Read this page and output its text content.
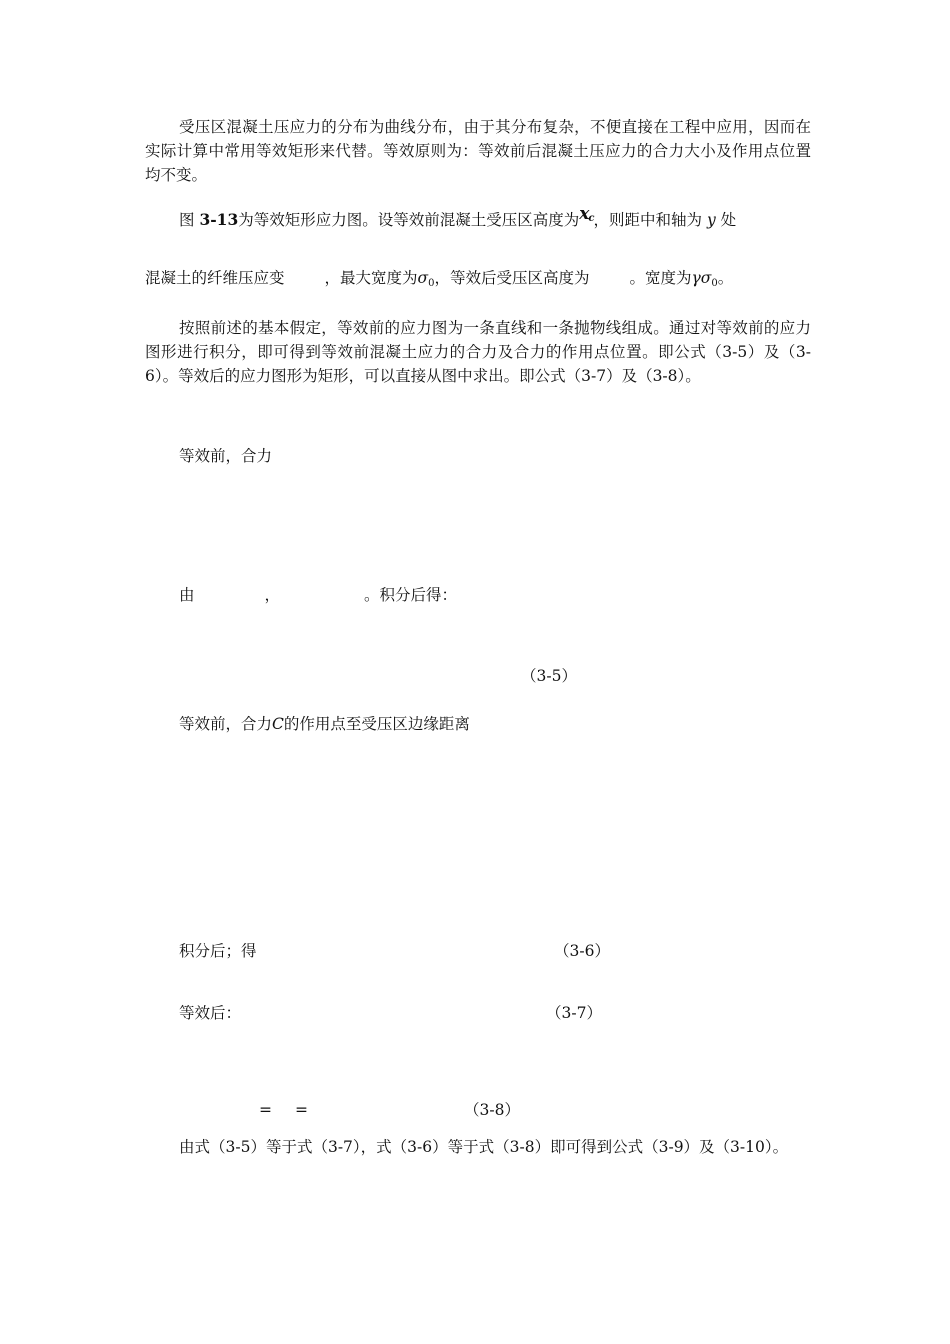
受压区混凝土压应力的分布为曲线分布，由于其分布复杂，不便直接在工程中应用，因而在实际计算中常用等效矩形来代替。等效原则为：等效前后混凝土压应力的合力大小及作用点位置均不变。
图 3-13为等效矩形应力图。设等效前混凝土受压区高度为$x_c$，则距中和轴为 y 处
混凝土的纤维压应变	，最大宽度为$\sigma_0$，等效后受压区高度为	。宽度为$\gamma\sigma_0$。
按照前述的基本假定，等效前的应力图为一条直线和一条抛物线组成。通过对等效前的应力图形进行积分，即可得到等效前混凝土应力的合力及合力的作用点位置。即公式（3-5）及（3-6）。等效后的应力图形为矩形，可以直接从图中求出。即公式（3-7）及（3-8）。
等效前，合力
由	，	。积分后得：
（3-5）
等效前，合力C的作用点至受压区边缘距离
积分后；得	（3-6）
等效后：	（3-7）
= =	（3-8）
由式（3-5）等于式（3-7），式（3-6）等于式（3-8）即可得到公式（3-9）及（3-10）。
